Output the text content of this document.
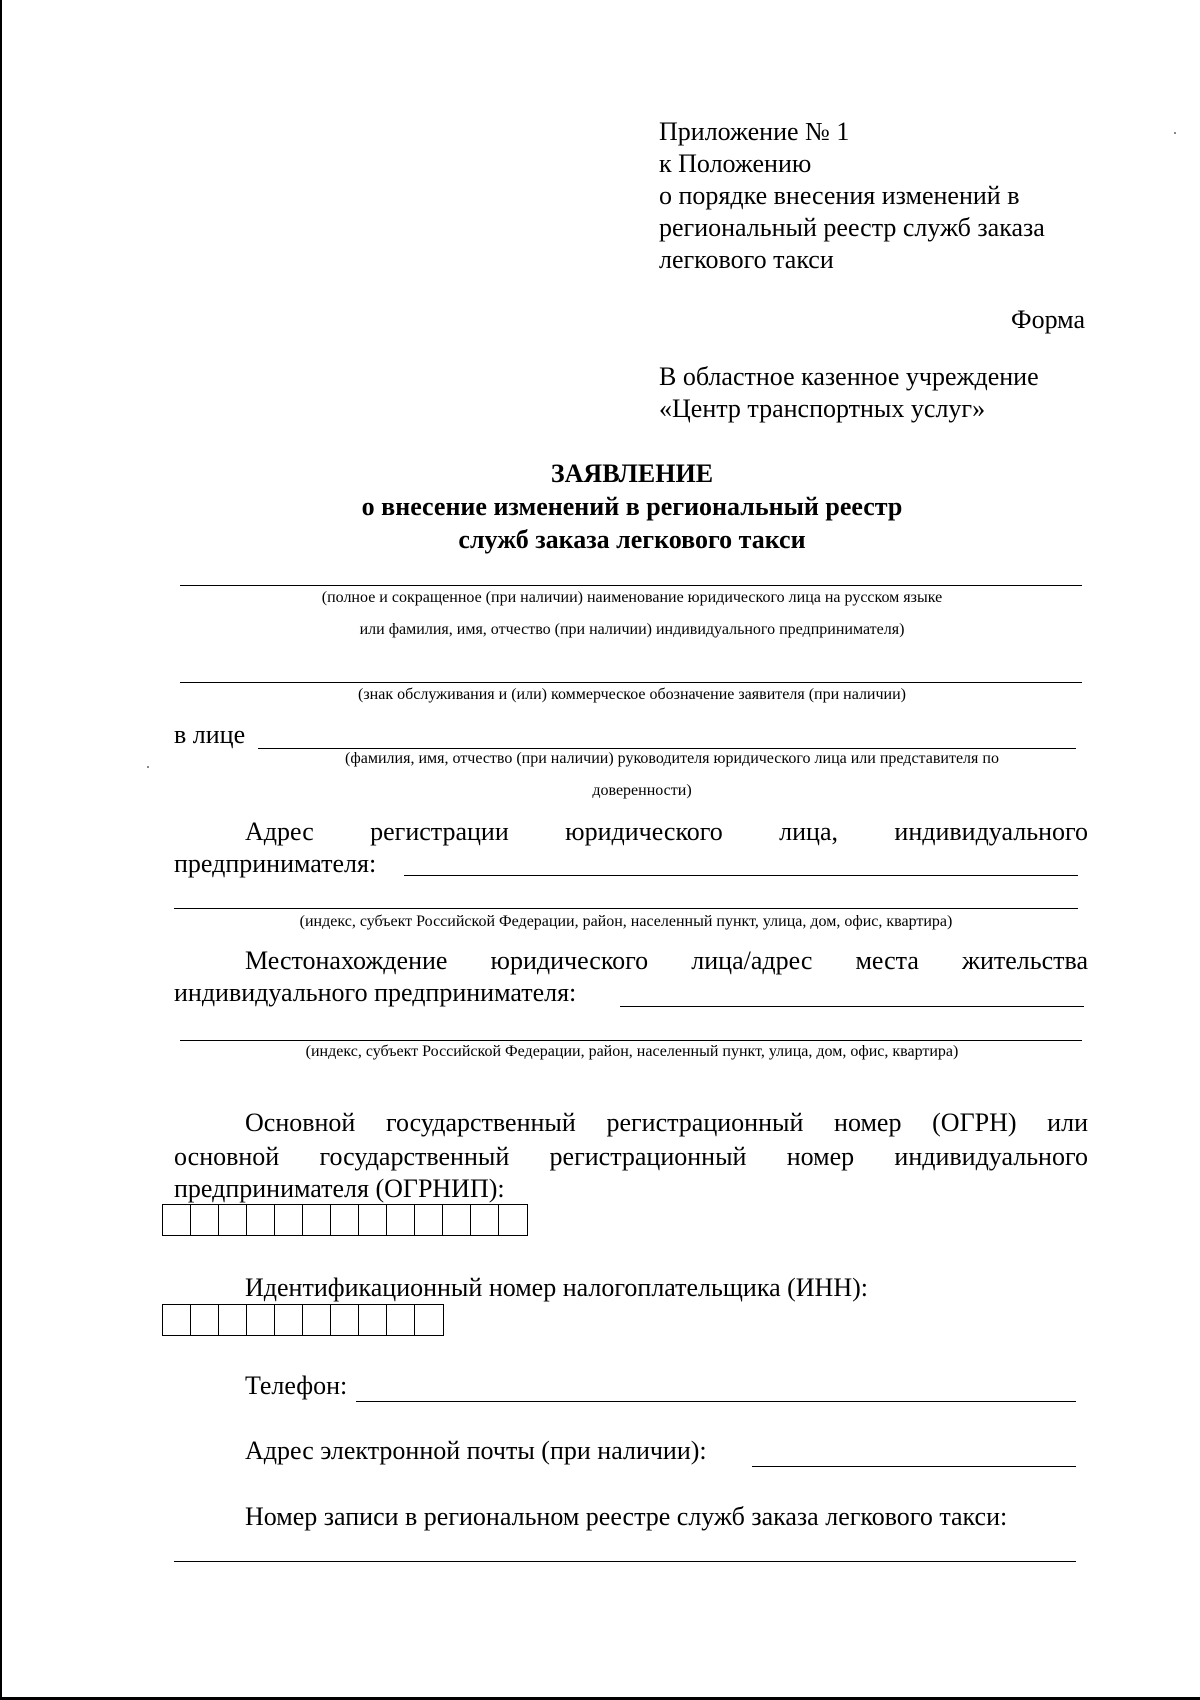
Приложение № 1
к Положению
о порядке внесения изменений в
региональный реестр служб заказа
легкового такси
Форма
В областное казенное учреждение
«Центр транспортных услуг»
ЗАЯВЛЕНИЕ
о внесение изменений в региональный реестр
служб заказа легкового такси
(полное и сокращенное (при наличии) наименование юридического лица на русском языке
или фамилия, имя, отчество (при наличии) индивидуального предпринимателя)
(знак обслуживания и (или) коммерческое обозначение заявителя (при наличии)
в лице
(фамилия, имя, отчество (при наличии) руководителя юридического лица или представителя по
доверенности)
Адрес регистрации юридического лица, индивидуального
предпринимателя:
(индекс, субъект Российской Федерации, район, населенный пункт, улица, дом, офис, квартира)
Местонахождение юридического лица/адрес места жительства
индивидуального предпринимателя:
(индекс, субъект Российской Федерации, район, населенный пункт, улица, дом, офис, квартира)
Основной государственный регистрационный номер (ОГРН) или
основной государственный регистрационный номер индивидуального
предпринимателя (ОГРНИП):
Идентификационный номер налогоплательщика (ИНН):
Телефон:
Адрес электронной почты (при наличии):
Номер записи в региональном реестре служб заказа легкового такси:
